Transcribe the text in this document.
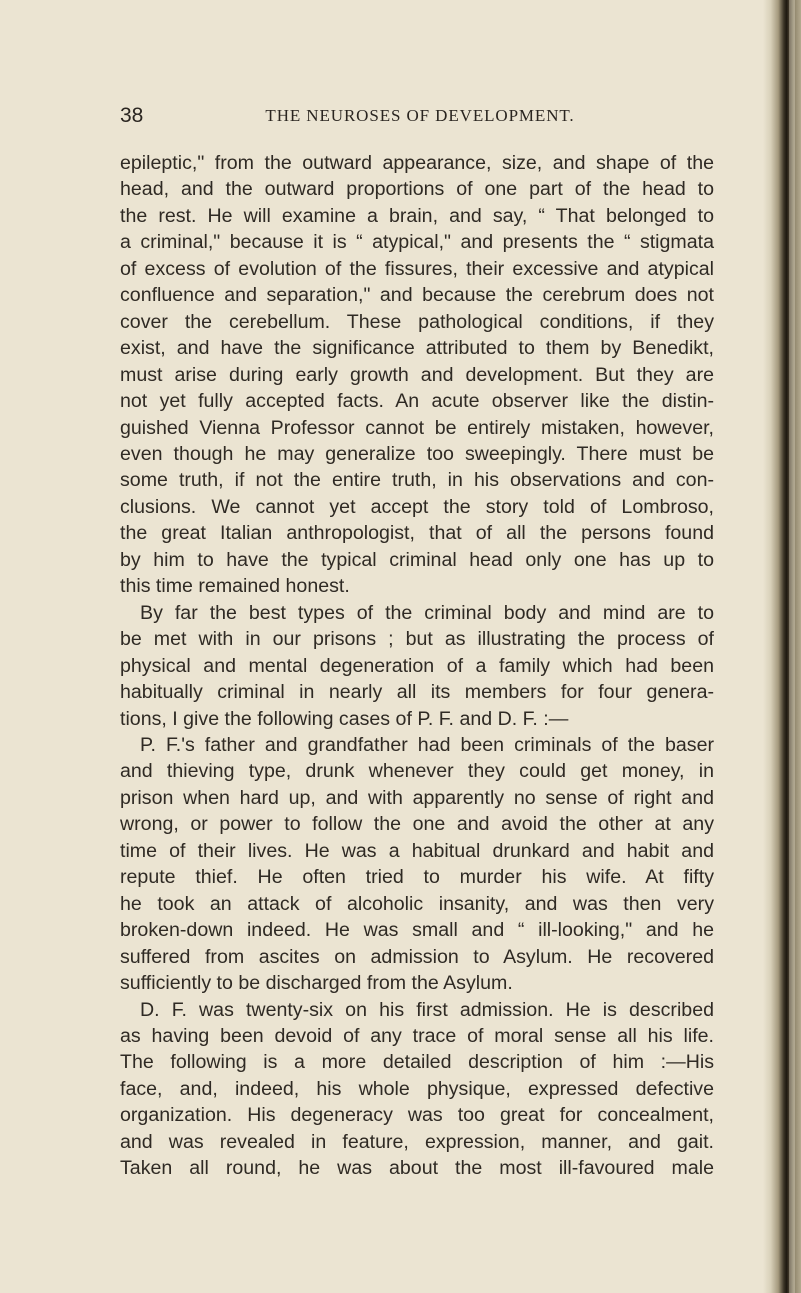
38	THE NEUROSES OF DEVELOPMENT.
epileptic," from the outward appearance, size, and shape of the
head, and the outward proportions of one part of the head to
the rest. He will examine a brain, and say, “ That belonged to
a criminal," because it is “ atypical," and presents the “ stigmata
of excess of evolution of the fissures, their excessive and atypical
confluence and separation," and because the cerebrum does not
cover the cerebellum. These pathological conditions, if they
exist, and have the significance attributed to them by Benedikt,
must arise during early growth and development. But they are
not yet fully accepted facts. An acute observer like the distin-
guished Vienna Professor cannot be entirely mistaken, however,
even though he may generalize too sweepingly. There must be
some truth, if not the entire truth, in his observations and con-
clusions. We cannot yet accept the story told of Lombroso,
the great Italian anthropologist, that of all the persons found
by him to have the typical criminal head only one has up to
this time remained honest.
By far the best types of the criminal body and mind are to
be met with in our prisons ; but as illustrating the process of
physical and mental degeneration of a family which had been
habitually criminal in nearly all its members for four genera-
tions, I give the following cases of P. F. and D. F. :—
P. F.'s father and grandfather had been criminals of the baser
and thieving type, drunk whenever they could get money, in
prison when hard up, and with apparently no sense of right and
wrong, or power to follow the one and avoid the other at any
time of their lives. He was a habitual drunkard and habit and
repute thief. He often tried to murder his wife. At fifty
he took an attack of alcoholic insanity, and was then very
broken-down indeed. He was small and “ ill-looking," and he
suffered from ascites on admission to Asylum. He recovered
sufficiently to be discharged from the Asylum.
D. F. was twenty-six on his first admission. He is described
as having been devoid of any trace of moral sense all his life.
The following is a more detailed description of him :—His
face, and, indeed, his whole physique, expressed defective
organization. His degeneracy was too great for concealment,
and was revealed in feature, expression, manner, and gait.
Taken all round, he was about the most ill-favoured male
